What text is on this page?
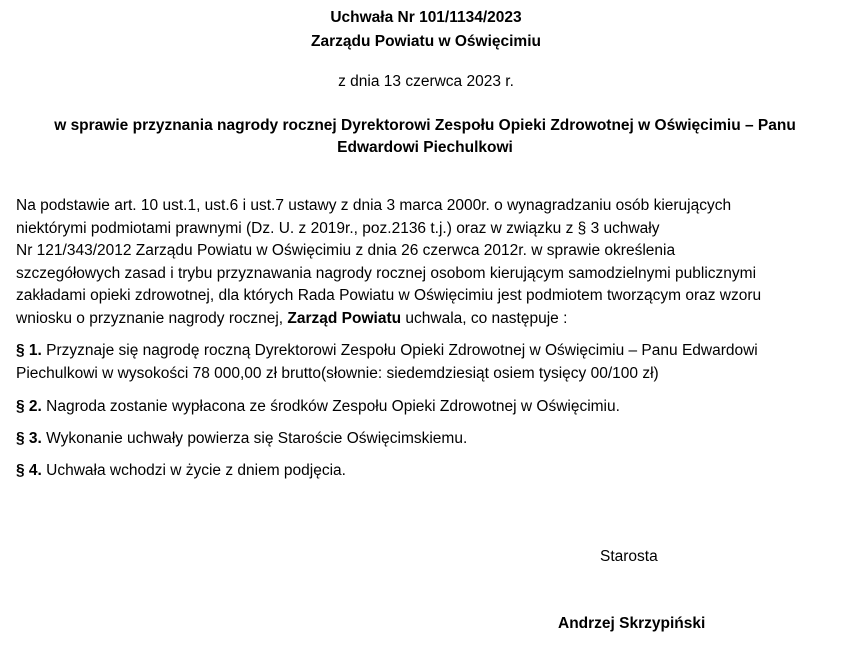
Uchwała Nr 101/1134/2023
Zarządu Powiatu w Oświęcimiu
z dnia 13 czerwca 2023 r.
w sprawie przyznania nagrody rocznej Dyrektorowi Zespołu Opieki Zdrowotnej w Oświęcimiu – Panu
Edwardowi Piechulkowi
Na podstawie art. 10 ust.1, ust.6 i ust.7 ustawy z dnia 3 marca 2000r. o wynagradzaniu osób kierujących
niektórymi podmiotami prawnymi (Dz. U. z 2019r., poz.2136 t.j.) oraz w związku z § 3 uchwały
Nr 121/343/2012 Zarządu Powiatu w Oświęcimiu z dnia 26 czerwca 2012r. w sprawie określenia
szczegółowych zasad i trybu przyznawania nagrody rocznej osobom kierującym samodzielnymi publicznymi
zakładami opieki zdrowotnej, dla których Rada Powiatu w Oświęcimiu jest podmiotem tworzącym oraz wzoru
wniosku o przyznanie nagrody rocznej, Zarząd Powiatu uchwala, co następuje :
§ 1. Przyznaje się nagrodę roczną Dyrektorowi Zespołu Opieki Zdrowotnej w Oświęcimiu – Panu Edwardowi
Piechulkowi w wysokości 78 000,00 zł brutto(słownie: siedemdziesiąt osiem tysięcy 00/100 zł)
§ 2. Nagroda zostanie wypłacona ze środków Zespołu Opieki Zdrowotnej w Oświęcimiu.
§ 3. Wykonanie uchwały powierza się Staroście Oświęcimskiemu.
§ 4. Uchwała wchodzi w życie z dniem podjęcia.
Starosta
Andrzej Skrzypiński
